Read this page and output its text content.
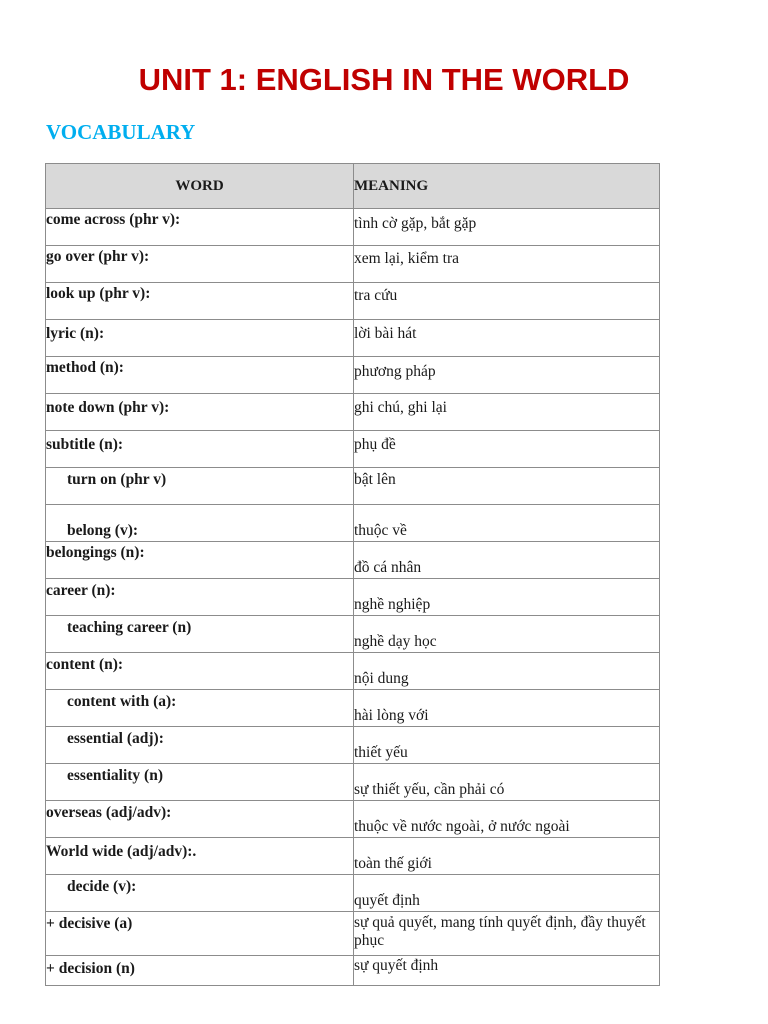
UNIT 1: ENGLISH IN THE WORLD
VOCABULARY
WORD	MEANING
come across (phr v):	tình cờ gặp, bắt gặp
go over (phr v):	xem lại, kiểm tra
look up (phr v):	tra cứu
lyric (n):	lời bài hát
method (n):	phương pháp
note down (phr v):	ghi chú, ghi lại
subtitle (n):	phụ đề
turn on (phr v)	bật lên
belong (v):	thuộc về
belongings (n):	đồ cá nhân
career (n):	nghề nghiệp
teaching career (n)	nghề dạy học
content (n):	nội dung
content with (a):	hài lòng với
essential (adj):	thiết yếu
essentiality (n)	sự thiết yếu, cần phải có
overseas (adj/adv):	thuộc về nước ngoài, ở nước ngoài
World wide (adj/adv):.	toàn thế giới
decide (v):	quyết định
+ decisive (a)	sự quả quyết, mang tính quyết định, đầy thuyết phục
+ decision (n)	sự quyết định
